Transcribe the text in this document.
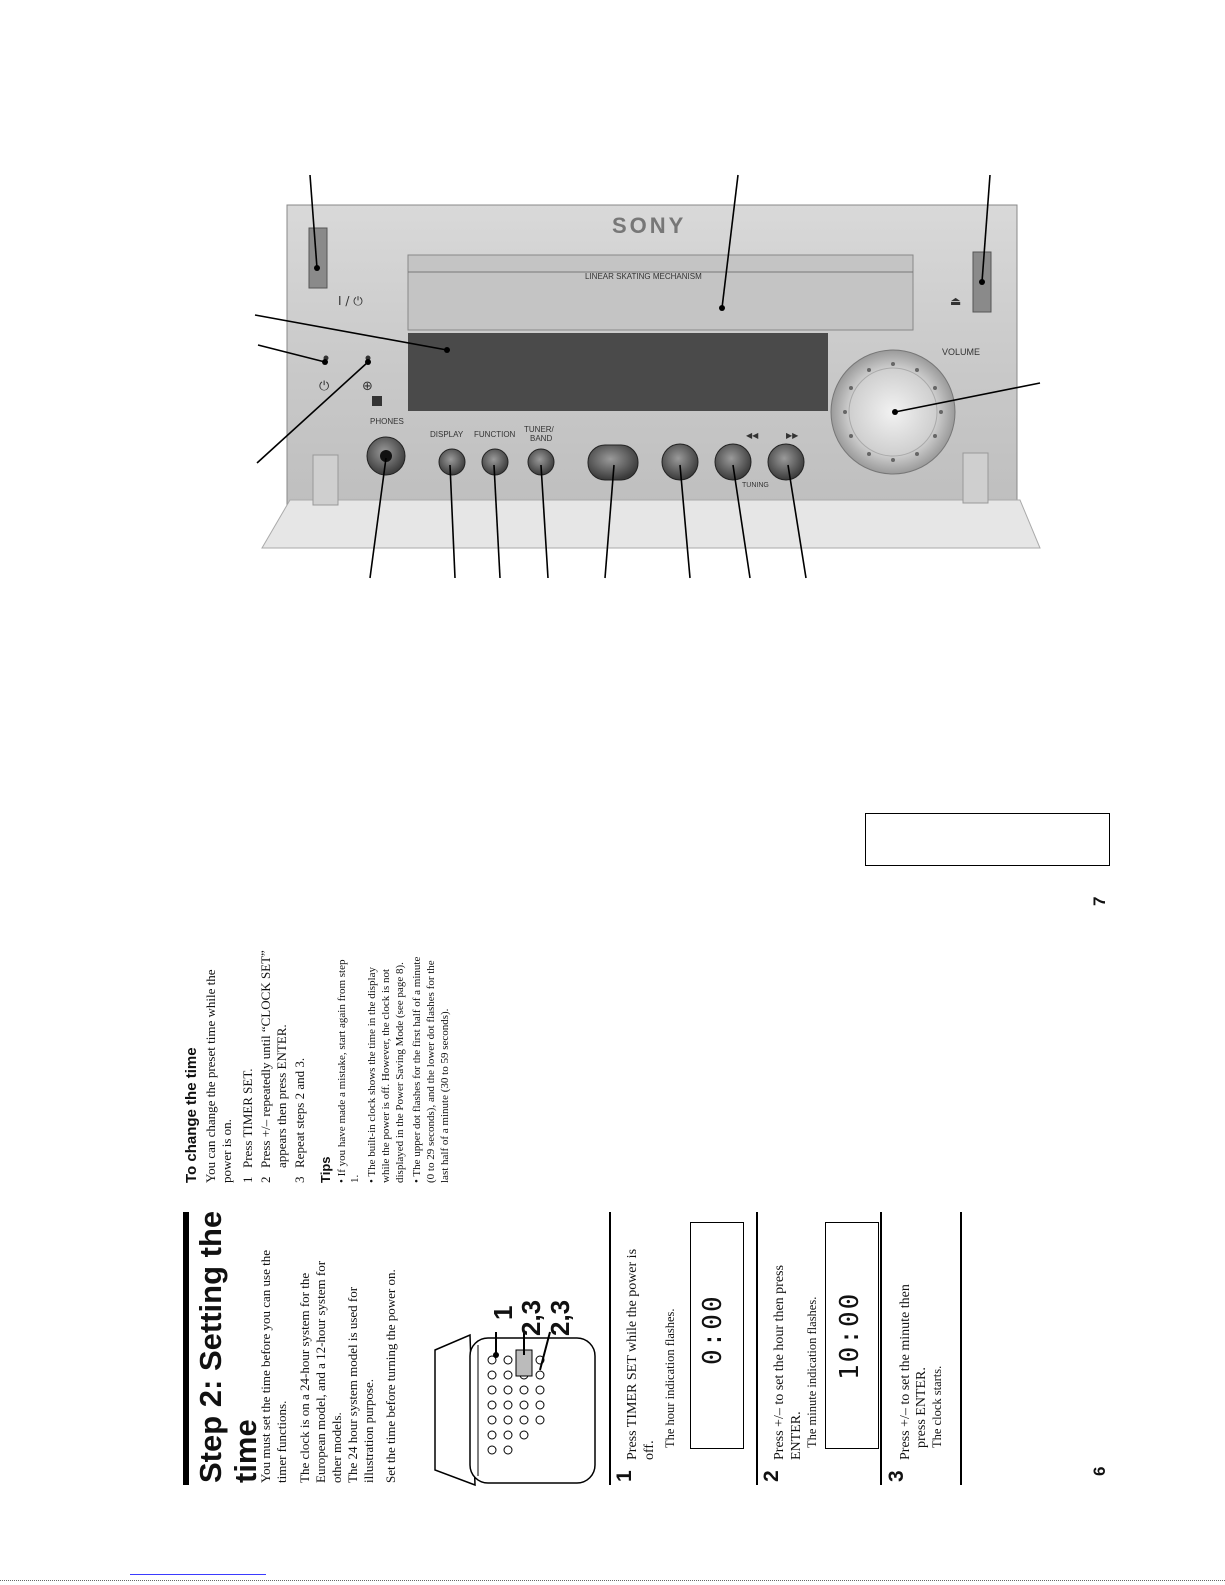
⏻	⊕
SONY
LINEAR SKATING MECHANISM
I / ⏻	⏏
VOLUME
PHONES
DISPLAY FUNCTION
TUNER/
BAND	◀◀	▶▶
TUNING
Step 2: Setting the time
You must set the time before you can use the timer functions. The clock is on a 24-hour system for the European model, and a 12-hour system for other models. The 24 hour system model is used for illustration purpose. Set the time before turning the power on.	1
2,3 2,3
1
Press TIMER SET while the power is off.
The hour indication flashes. 0:00
2
Press +/– to set the hour then press ENTER. The minute indication flashes. 10:00
3
Press +/– to set the minute then press ENTER. The clock starts.
To change the time You can change the preset time while the power is on. 1
Press TIMER SET.
2
Press +/– repeatedly until “CLOCK SET” appears then press ENTER.
3
Repeat steps 2 and 3.
Tips • If you have made a mistake, start again from step 1. • The built-in clock shows the time in the display while the power is off. However, the clock is not displayed in the Power Saving Mode (see page 8). • The upper dot flashes for the first half of a minute (0 to 29 seconds), and the lower dot flashes for the last half of a minute (30 to 59 seconds).
6
7
